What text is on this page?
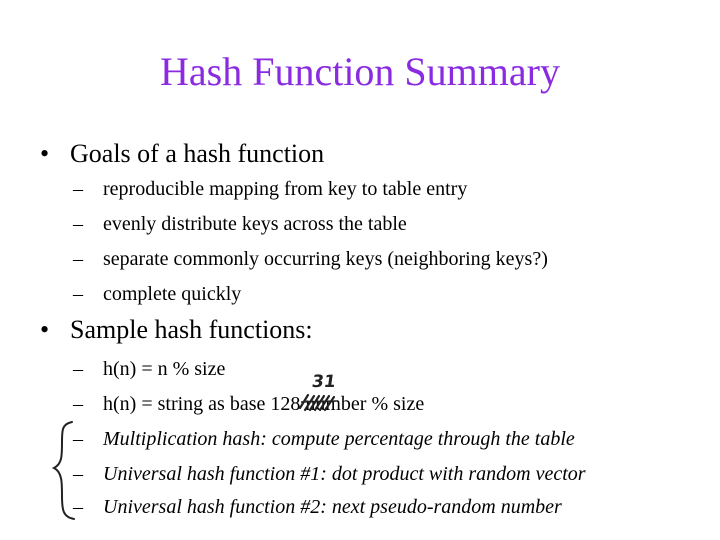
Hash Function Summary
• Goals of a hash function
– reproducible mapping from key to table entry
– evenly distribute keys across the table
– separate commonly occurring keys (neighboring keys?)
– complete quickly
• Sample hash functions:
– h(n) = n % size
– h(n) = string as base 128 number % size
– Multiplication hash: compute percentage through the table
– Universal hash function #1: dot product with random vector
– Universal hash function #2: next pseudo-random number
31
